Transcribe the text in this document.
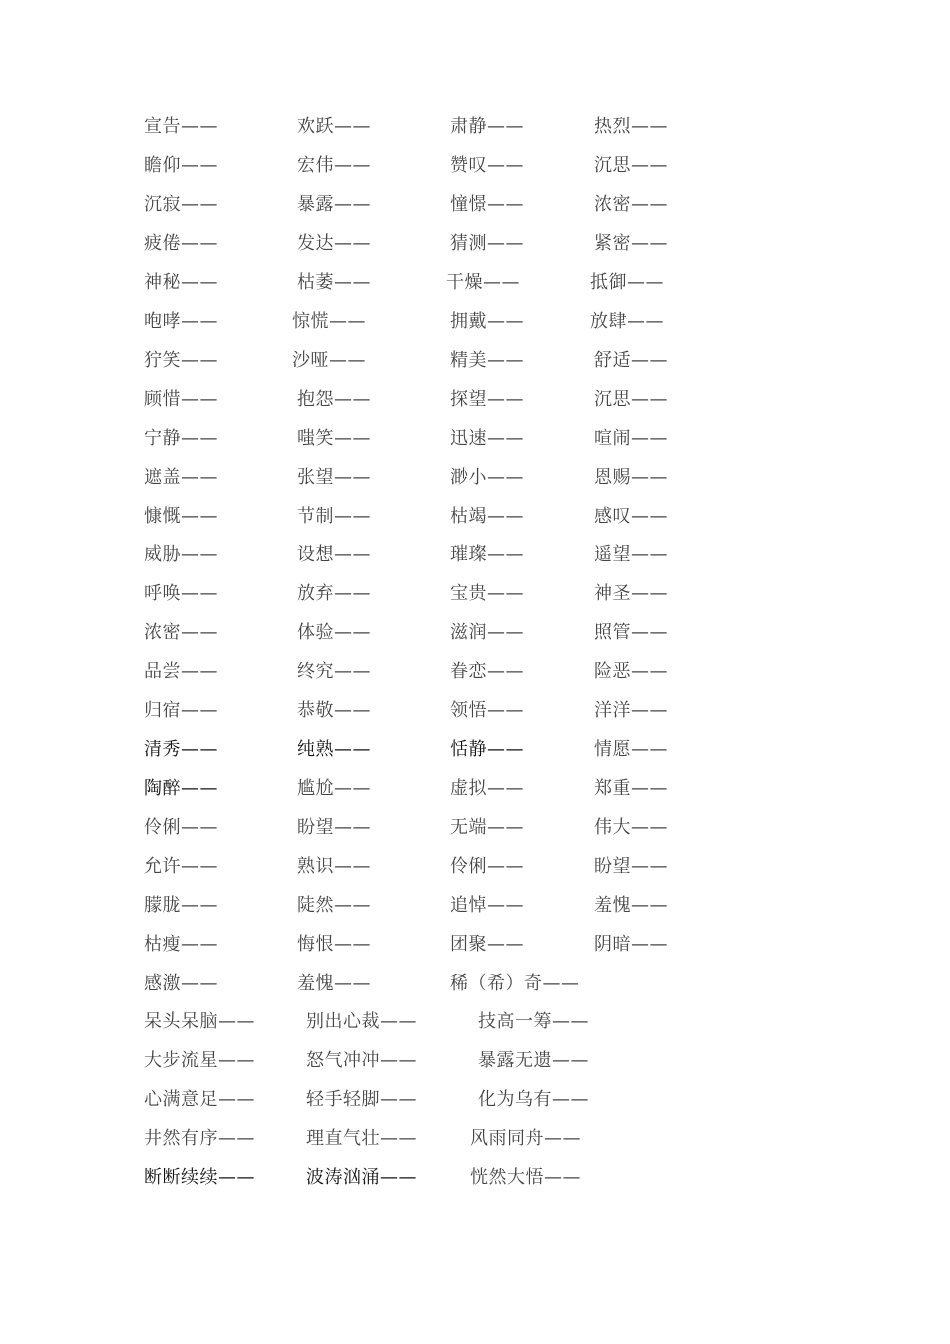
宣告——	欢跃——	肃静——	热烈——
瞻仰——	宏伟——	赞叹——	沉思——
沉寂——	暴露——	憧憬——	浓密——
疲倦——	发达——	猜测——	紧密——
神秘——	枯萎——	干燥——	抵御——
咆哮——	惊慌——	拥戴——	放肆——
狞笑——	沙哑——	精美——	舒适——
顾惜——	抱怨——	探望——	沉思——
宁静——	嗤笑——	迅速——	喧闹——
遮盖——	张望——	渺小——	恩赐——
慷慨——	节制——	枯竭——	感叹——
威胁——	设想——	璀璨——	遥望——
呼唤——	放弃——	宝贵——	神圣——
浓密——	体验——	滋润——	照管——
品尝——	终究——	眷恋——	险恶——
归宿——	恭敬——	领悟——	洋洋——
清秀——	纯熟——	恬静——	情愿——
陶醉——	尴尬——	虚拟——	郑重——
伶俐——	盼望——	无端——	伟大——
允许——	熟识——	伶俐——	盼望——
朦胧——	陡然——	追悼——	羞愧——
枯瘦——	悔恨——	团聚——	阴暗——
感激——	羞愧——	稀（希）奇——
呆头呆脑——	别出心裁——	技高一筹——
大步流星——	怒气冲冲——	暴露无遗——
心满意足——	轻手轻脚——	化为乌有——
井然有序——	理直气壮——	风雨同舟——
断断续续——	波涛汹涌——	恍然大悟——
